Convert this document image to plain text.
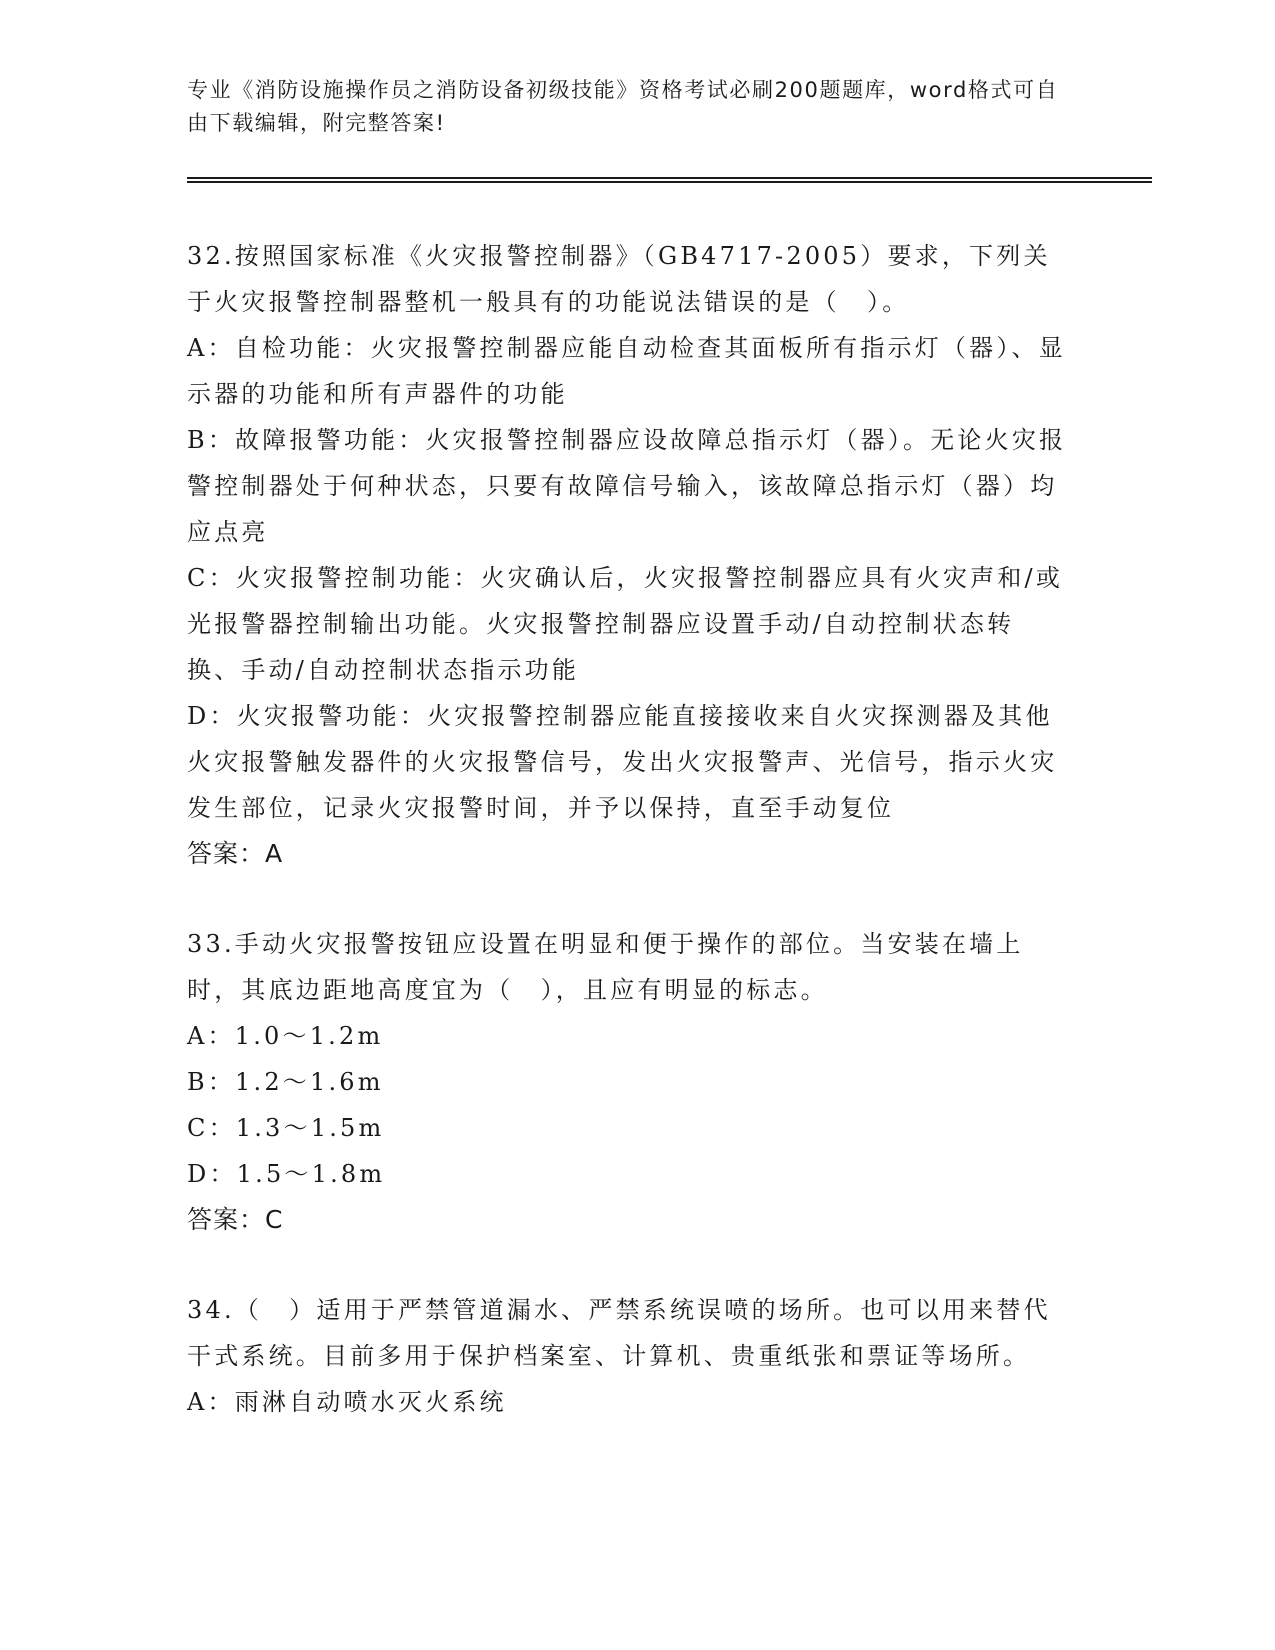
专业《消防设施操作员之消防设备初级技能》资格考试必刷200题题库，word格式可自由下载编辑，附完整答案!

32.按照国家标准《火灾报警控制器》（GB4717-2005）要求，下列关于火灾报警控制器整机一般具有的功能说法错误的是（　）。

A：自检功能：火灾报警控制器应能自动检查其面板所有指示灯（器）、显示器的功能和所有声器件的功能

B：故障报警功能：火灾报警控制器应设故障总指示灯（器）。无论火灾报警控制器处于何种状态，只要有故障信号输入，该故障总指示灯（器）均应点亮

C：火灾报警控制功能：火灾确认后，火灾报警控制器应具有火灾声和/或光报警器控制输出功能。火灾报警控制器应设置手动/自动控制状态转换、手动/自动控制状态指示功能

D：火灾报警功能：火灾报警控制器应能直接接收来自火灾探测器及其他火灾报警触发器件的火灾报警信号，发出火灾报警声、光信号，指示火灾发生部位，记录火灾报警时间，并予以保持，直至手动复位

答案：A

33.手动火灾报警按钮应设置在明显和便于操作的部位。当安装在墙上时，其底边距地高度宜为（　），且应有明显的标志。

A：1.0～1.2m

B：1.2～1.6m

C：1.3～1.5m

D：1.5～1.8m

答案：C

34.（　）适用于严禁管道漏水、严禁系统误喷的场所。也可以用来替代干式系统。目前多用于保护档案室、计算机、贵重纸张和票证等场所。

A：雨淋自动喷水灭火系统
